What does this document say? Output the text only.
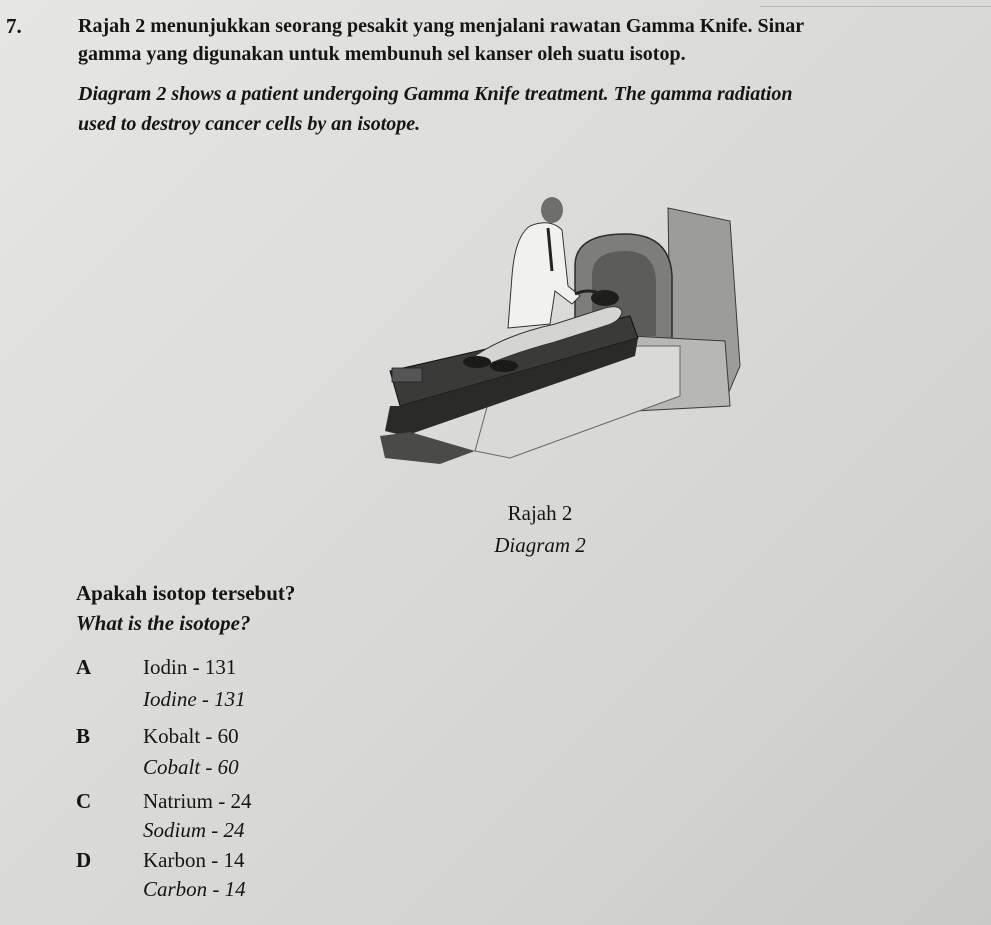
7.	Rajah 2 menunjukkan seorang pesakit yang menjalani rawatan Gamma Knife. Sinar
gamma yang digunakan untuk membunuh sel kanser oleh suatu isotop.
Diagram 2 shows a patient undergoing Gamma Knife treatment. The gamma radiation
used to destroy cancer cells by an isotope.
Rajah 2
Diagram 2
Apakah isotop tersebut?
What is the isotope?
A Iodin - 131
Iodine - 131
B	Kobalt - 60
Cobalt - 60
C Natrium - 24
Sodium - 24
D Karbon - 14
Carbon - 14
